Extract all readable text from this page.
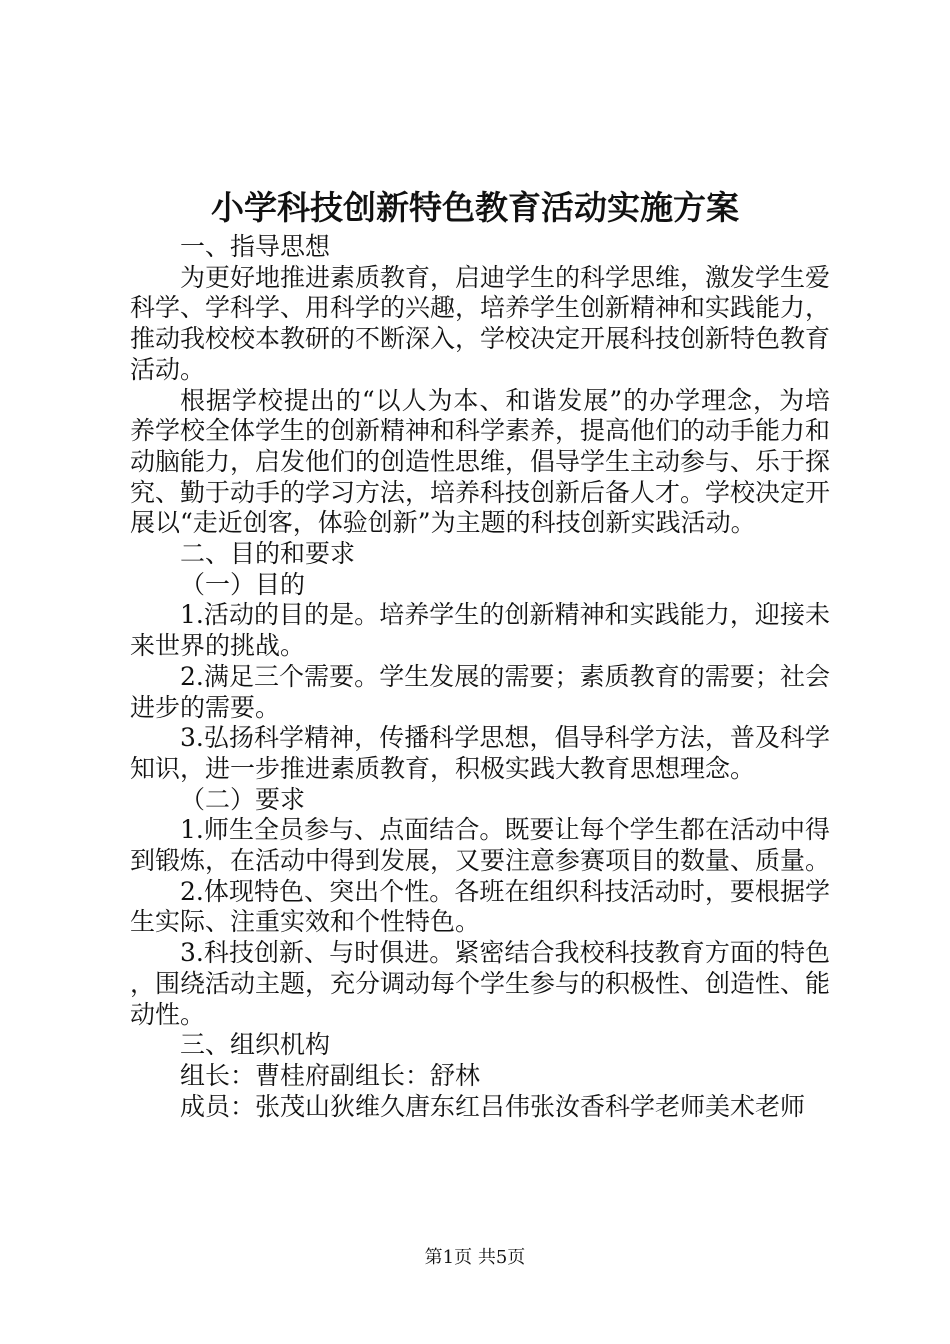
小学科技创新特色教育活动实施方案

一、指导思想

为更好地推进素质教育，启迪学生的科学思维，激发学生爱科学、学科学、用科学的兴趣，培养学生创新精神和实践能力，推动我校校本教研的不断深入，学校决定开展科技创新特色教育活动。

根据学校提出的“以人为本、和谐发展”的办学理念，为培养学校全体学生的创新精神和科学素养，提高他们的动手能力和动脑能力，启发他们的创造性思维，倡导学生主动参与、乐于探究、勤于动手的学习方法，培养科技创新后备人才。学校决定开展以“走近创客，体验创新”为主题的科技创新实践活动。

二、目的和要求

（一）目的

1.活动的目的是。培养学生的创新精神和实践能力，迎接未来世界的挑战。

2.满足三个需要。学生发展的需要；素质教育的需要；社会进步的需要。

3.弘扬科学精神，传播科学思想，倡导科学方法，普及科学知识，进一步推进素质教育，积极实践大教育思想理念。

（二）要求

1.师生全员参与、点面结合。既要让每个学生都在活动中得到锻炼，在活动中得到发展，又要注意参赛项目的数量、质量。

2.体现特色、突出个性。各班在组织科技活动时，要根据学生实际、注重实效和个性特色。

3.科技创新、与时俱进。紧密结合我校科技教育方面的特色，围绕活动主题，充分调动每个学生参与的积极性、创造性、能动性。

三、组织机构

组长：曹桂府副组长：舒林

成员：张茂山狄维久唐东红吕伟张汝香科学老师美术老师

第1页 共5页
